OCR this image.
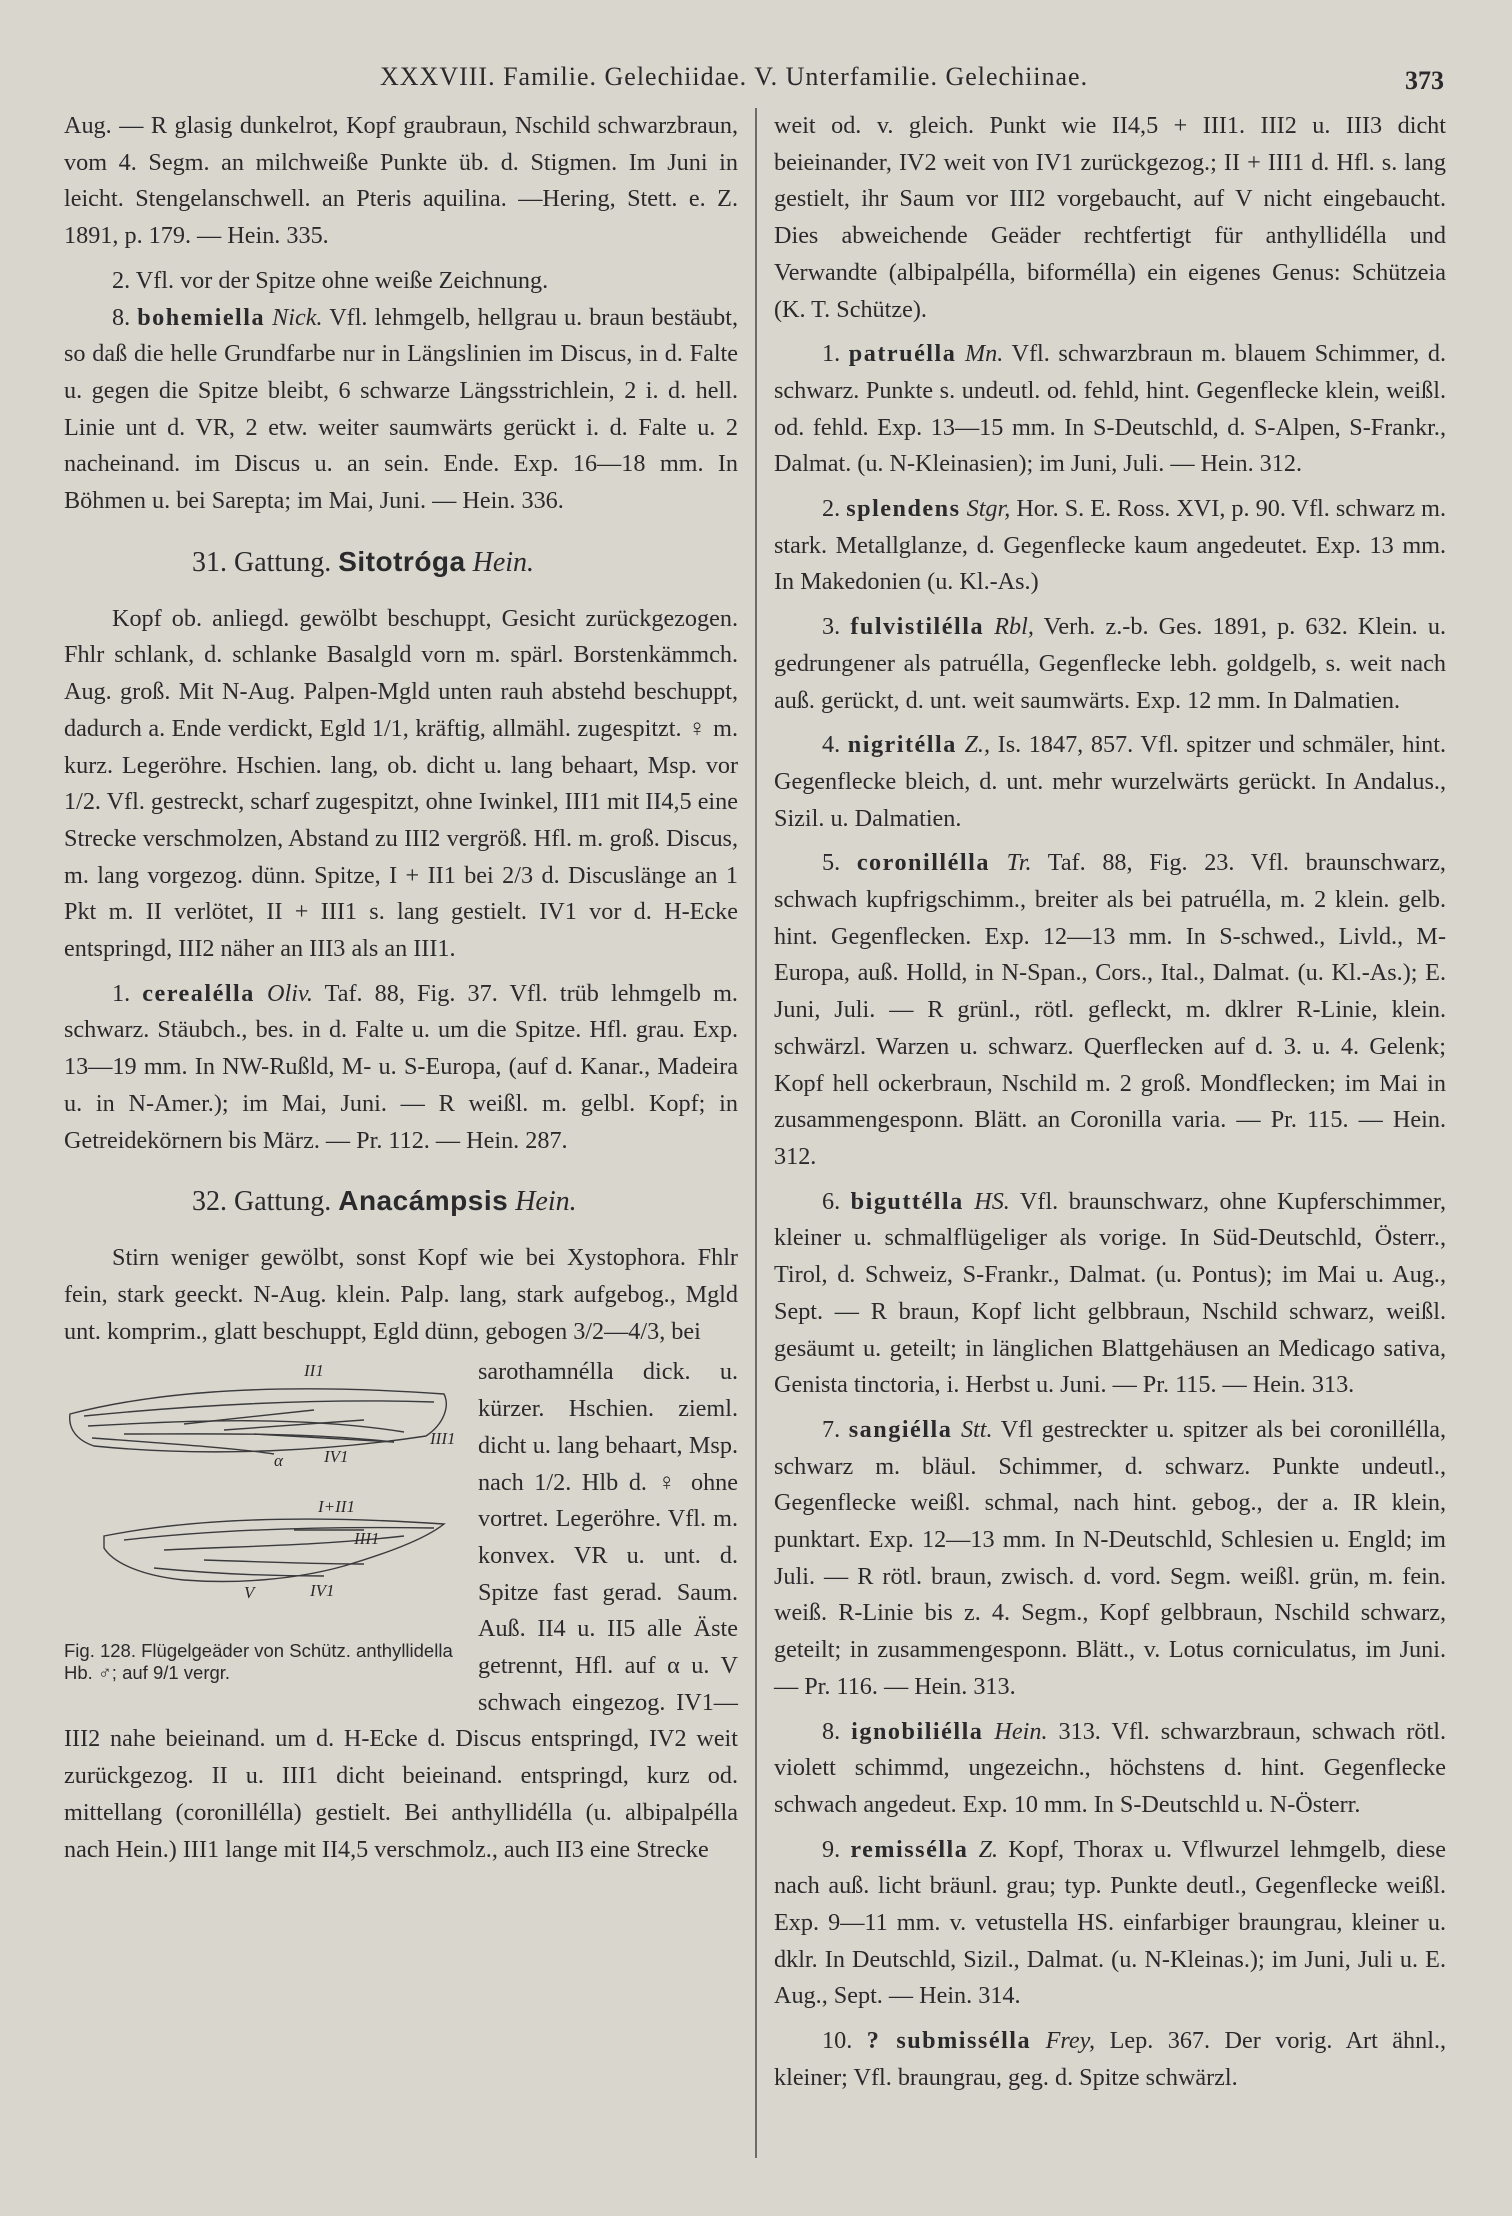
XXXVIII. Familie. Gelechiidae. V. Unterfamilie. Gelechiinae.	373

Aug. — R glasig dunkelrot, Kopf graubraun, Nschild schwarzbraun, vom 4. Segm. an milchweiße Punkte üb. d. Stigmen. Im Juni in leicht. Stengelanschwell. an Pteris aquilina. —Hering, Stett. e. Z. 1891, p. 179. — Hein. 335.

2. Vfl. vor der Spitze ohne weiße Zeichnung.

8. bohemiella Nick. Vfl. lehmgelb, hellgrau u. braun bestäubt, so daß die helle Grundfarbe nur in Längslinien im Discus, in d. Falte u. gegen die Spitze bleibt, 6 schwarze Längsstrichlein, 2 i. d. hell. Linie unt d. VR, 2 etw. weiter saumwärts gerückt i. d. Falte u. 2 nacheinand. im Discus u. an sein. Ende. Exp. 16—18 mm. In Böhmen u. bei Sarepta; im Mai, Juni. — Hein. 336.

31. Gattung. Sitotróga Hein.

Kopf ob. anliegd. gewölbt beschuppt, Gesicht zurückgezogen. Fhlr schlank, d. schlanke Basalgld vorn m. spärl. Borstenkämmch. Aug. groß. Mit N-Aug. Palpen-Mgld unten rauh abstehd beschuppt, dadurch a. Ende verdickt, Egld 1/1, kräftig, allmähl. zugespitzt. ♀ m. kurz. Legeröhre. Hschien. lang, ob. dicht u. lang behaart, Msp. vor 1/2. Vfl. gestreckt, scharf zugespitzt, ohne Iwinkel, III1 mit II4,5 eine Strecke verschmolzen, Abstand zu III2 vergröß. Hfl. m. groß. Discus, m. lang vorgezog. dünn. Spitze, I + II1 bei 2/3 d. Discuslänge an 1 Pkt m. II verlötet, II + III1 s. lang gestielt. IV1 vor d. H-Ecke entspringd, III2 näher an III3 als an III1.

1. cerealélla Oliv. Taf. 88, Fig. 37. Vfl. trüb lehmgelb m. schwarz. Stäubch., bes. in d. Falte u. um die Spitze. Hfl. grau. Exp. 13—19 mm. In NW-Rußld, M- u. S-Europa, (auf d. Kanar., Madeira u. in N-Amer.); im Mai, Juni. — R weißl. m. gelbl. Kopf; in Getreidekörnern bis März. — Pr. 112. — Hein. 287.

32. Gattung. Anacámpsis Hein.

Stirn weniger gewölbt, sonst Kopf wie bei Xystophora. Fhlr fein, stark geeckt. N-Aug. klein. Palp. lang, stark aufgebog., Mgld unt. komprim., glatt beschuppt, Egld dünn, gebogen 3/2—4/3, bei

II1
III1
IV1
α
I+II1
III1
V	IV1
Fig. 128. Flügelgeäder von Schütz. anthyllidella Hb. ♂; auf 9/1 vergr.

sarothamnélla dick. u. kürzer. Hschien. zieml. dicht u. lang behaart, Msp. nach 1/2. Hlb d. ♀ ohne vortret. Legeröhre. Vfl. m. konvex. VR u. unt. d. Spitze fast gerad. Saum. Auß. II4 u. II5 alle Äste getrennt, Hfl. auf α u. V schwach eingezog. IV1—III2 nahe beieinand. um d. H-Ecke d. Discus entspringd, IV2 weit zurückgezog. II u. III1 dicht beieinand. entspringd, kurz od. mittellang (coronillélla) gestielt. Bei anthyllidélla (u. albipalpélla nach Hein.) III1 lange mit II4,5 verschmolz., auch II3 eine Strecke

weit od. v. gleich. Punkt wie II4,5 + III1. III2 u. III3 dicht beieinander, IV2 weit von IV1 zurückgezog.; II + III1 d. Hfl. s. lang gestielt, ihr Saum vor III2 vorgebaucht, auf V nicht eingebaucht. Dies abweichende Geäder rechtfertigt für anthyllidélla und Verwandte (albipalpélla, biformélla) ein eigenes Genus: Schützeia (K. T. Schütze).

1. patruélla Mn. Vfl. schwarzbraun m. blauem Schimmer, d. schwarz. Punkte s. undeutl. od. fehld, hint. Gegenflecke klein, weißl. od. fehld. Exp. 13—15 mm. In S-Deutschld, d. S-Alpen, S-Frankr., Dalmat. (u. N-Kleinasien); im Juni, Juli. — Hein. 312.

2. splendens Stgr, Hor. S. E. Ross. XVI, p. 90. Vfl. schwarz m. stark. Metallglanze, d. Gegenflecke kaum angedeutet. Exp. 13 mm. In Makedonien (u. Kl.-As.)

3. fulvistilélla Rbl, Verh. z.-b. Ges. 1891, p. 632. Klein. u. gedrungener als patruélla, Gegenflecke lebh. goldgelb, s. weit nach auß. gerückt, d. unt. weit saumwärts. Exp. 12 mm. In Dalmatien.

4. nigritélla Z., Is. 1847, 857. Vfl. spitzer und schmäler, hint. Gegenflecke bleich, d. unt. mehr wurzelwärts gerückt. In Andalus., Sizil. u. Dalmatien.

5. coronillélla Tr. Taf. 88, Fig. 23. Vfl. braunschwarz, schwach kupfrigschimm., breiter als bei patruélla, m. 2 klein. gelb. hint. Gegenflecken. Exp. 12—13 mm. In S-schwed., Livld., M-Europa, auß. Holld, in N-Span., Cors., Ital., Dalmat. (u. Kl.-As.); E. Juni, Juli. — R grünl., rötl. gefleckt, m. dklrer R-Linie, klein. schwärzl. Warzen u. schwarz. Querflecken auf d. 3. u. 4. Gelenk; Kopf hell ockerbraun, Nschild m. 2 groß. Mondflecken; im Mai in zusammengesponn. Blätt. an Coronilla varia. — Pr. 115. — Hein. 312.

6. biguttélla HS. Vfl. braunschwarz, ohne Kupferschimmer, kleiner u. schmalflügeliger als vorige. In Süd-Deutschld, Österr., Tirol, d. Schweiz, S-Frankr., Dalmat. (u. Pontus); im Mai u. Aug., Sept. — R braun, Kopf licht gelbbraun, Nschild schwarz, weißl. gesäumt u. geteilt; in länglichen Blattgehäusen an Medicago sativa, Genista tinctoria, i. Herbst u. Juni. — Pr. 115. — Hein. 313.

7. sangiélla Stt. Vfl gestreckter u. spitzer als bei coronillélla, schwarz m. bläul. Schimmer, d. schwarz. Punkte undeutl., Gegenflecke weißl. schmal, nach hint. gebog., der a. IR klein, punktart. Exp. 12—13 mm. In N-Deutschld, Schlesien u. Engld; im Juli. — R rötl. braun, zwisch. d. vord. Segm. weißl. grün, m. fein. weiß. R-Linie bis z. 4. Segm., Kopf gelbbraun, Nschild schwarz, geteilt; in zusammengesponn. Blätt., v. Lotus corniculatus, im Juni. — Pr. 116. — Hein. 313.

8. ignobiliélla Hein. 313. Vfl. schwarzbraun, schwach rötl. violett schimmd, ungezeichn., höchstens d. hint. Gegenflecke schwach angedeut. Exp. 10 mm. In S-Deutschld u. N-Österr.

9. remissélla Z. Kopf, Thorax u. Vflwurzel lehmgelb, diese nach auß. licht bräunl. grau; typ. Punkte deutl., Gegenflecke weißl. Exp. 9—11 mm. v. vetustella HS. einfarbiger braungrau, kleiner u. dklr. In Deutschld, Sizil., Dalmat. (u. N-Kleinas.); im Juni, Juli u. E. Aug., Sept. — Hein. 314.

10. ? submissélla Frey, Lep. 367. Der vorig. Art ähnl., kleiner; Vfl. braungrau, geg. d. Spitze schwärzl.
